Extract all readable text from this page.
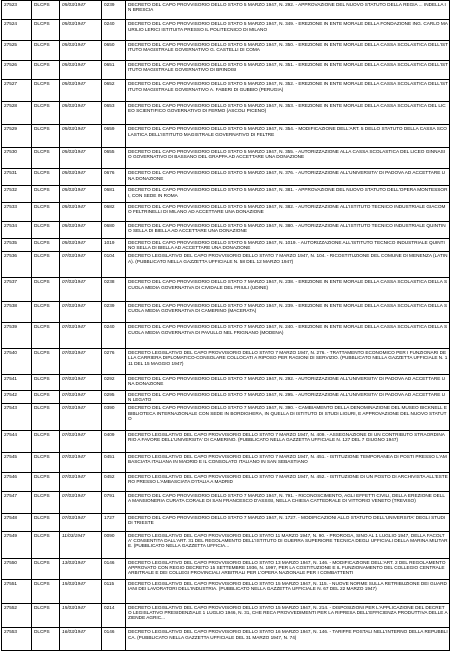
27523	DLCPS	05/03/1947	0239	DECRETO DEL CAPO PROVVISORIO DELLO STATO 5 MARZO 1947, N. 292. - APPROVAZIONE DEL NUOVO STATUTO DELLA REGIA ... INDELLA IN BRESCIA
27524	DLCPS	05/03/1947	0240	DECRETO DEL CAPO PROVVISORIO DELLO STATO 5 MARZO 1947, N. 349. - EREZIONE IN ENTE MORALE DELLA FONDAZIONE ING. CARLO MAURILIO LERICI ISTITUITA PRESSO IL POLITECNICO DI MILANO
27525	DLCPS	05/03/1947	0650	DECRETO DEL CAPO PROVVISORIO DELLO STATO 5 MARZO 1947, N. 350. - EREZIONE IN ENTE MORALE DELLA CASSA SCOLASTICA DELL'ISTITUTO MAGISTRALE GOVERNATIVO G. CASTELLI DI COMA
27526	DLCPS	05/03/1947	0651	DECRETO DEL CAPO PROVVISORIO DELLO STATO 5 MARZO 1947, N. 351. - EREZIONE IN ENTE MORALE DELLA CASSA SCOLASTICA DELL'ISTITUTO MAGISTRALE GOVERNATIVO DI BRINDISI
27527	DLCPS	05/03/1947	0652	DECRETO DEL CAPO PROVVISORIO DELLO STATO 5 MARZO 1947, N. 352. - EREZIONE IN ENTE MORALE DELLA CASSA SCOLASTICA DELL'ISTITUTO MAGISTRALE GOVERNATIVO A. FABERI DI GUBBIO (PERUGIA)
27528	DLCPS	05/03/1947	0653	DECRETO DEL CAPO PROVVISORIO DELLO STATO 5 MARZO 1947, N. 353. - EREZIONE IN ENTE MORALE DELLA CASSA SCOLASTICA DEL LICEO SCIENTIFICO GOVERNATIVO DI FERMO (ASCOLI PICENO)
27529	DLCPS	05/03/1947	0659	DECRETO DEL CAPO PROVVISORIO DELLO STATO 5 MARZO 1947, N. 354. - MODIFICAZIONE DELL'ART. 5 DELLO STATUTO DELLA CASSA SCOLASTICA DELL'ISTITUTO MAGISTRALE GOVERNATIVO DI FELTRE
27530	DLCPS	05/03/1947	0655	DECRETO DEL CAPO PROVVISORIO DELLO STATO 5 MARZO 1947, N. 355. - AUTORIZZAZIONE ALLA CASSA SCOLASTICA DEL LICEO GINNASIO GOVERNATIVO DI BASSANO DEL GRAPPA AD ACCETTARE UNA DONAZIONE
27531	DLCPS	05/03/1947	0676	DECRETO DEL CAPO PROVVISORIO DELLO STATO 5 MARZO 1947, N. 376. - AUTORIZZAZIONE ALL'UNIVERSITA' DI PADOVA AD ACCETTARE UNA DONAZIONE
27532	DLCPS	05/03/1947	0681	DECRETO DEL CAPO PROVVISORIO DELLO STATO 5 MARZO 1947, N. 381. - APPROVAZIONE DEL NUOVO STATUTO DELL'OPERA MONTESSORI, CON SEDE IN ROMA
27533	DLCPS	05/03/1947	0682	DECRETO DEL CAPO PROVVISORIO DELLO STATO 5 MARZO 1947, N. 382. - AUTORIZZAZIONE ALL'ISTITUTO TECNICO INDUSTRIALE GIACOMO FELTRINELLI DI MILANO AD ACCETTARE UNA DONAZIONE
27534	DLCPS	05/03/1947	0680	DECRETO DEL CAPO PROVVISORIO DELLO STATO 5 MARZO 1947, N. 380. - AUTORIZZAZIONE ALL'ISTITUTO TECNICO INDUSTRIALE QUINTINO SELLA DI BIELLA AD ACCETTARE UNA DONAZIONE
27535	DLCPS	05/03/1947	1019	DECRETO DEL CAPO PROVVISORIO DELLO STATO 5 MARZO 1947, N. 1019. - AUTORIZZAZIONE ALL'ISTITUTO TECNICO INDUSTRIALE QUINTINO SELLA DI BIELLA AD ACCETTARE UNA DONAZIONE
27536	DLCPS	07/03/1947	0104	DECRETO LEGISLATIVO DEL CAPO PROVVISORIO DELLO STATO 7 MARZO 1947, N. 104. - RICOSTITUZIONE DEL COMUNE DI MENENZA (LATINA). (PUBBLICATO NELLA GAZZETTA UFFICIALE N. 58 DEL 12 MARZO 1947)
27537	DLCPS	07/03/1947	0238	DECRETO DEL CAPO PROVVISORIO DELLO STATO 7 MARZO 1947, N. 238. - EREZIONE IN ENTE MORALE DELLA CASSA SCOLASTICA DELLA SCUOLA MEDIA GOVERNATIVA DI CIVIDALE DEL FRIULI (UDINE)
27538	DLCPS	07/03/1947	0239	DECRETO DEL CAPO PROVVISORIO DELLO STATO 7 MARZO 1947, N. 239. - EREZIONE IN ENTE MORALE DELLA CASSA SCOLASTICA DELLA SCUOLA MEDIA GOVERNATIVA DI CAMERINO (MACERATA)
27539	DLCPS	07/03/1947	0240	DECRETO DEL CAPO PROVVISORIO DELLO STATO 7 MARZO 1947, N. 240. - EREZIONE IN ENTE MORALE DELLA CASSA SCOLASTICA DELLA SCUOLA MEDIA GOVERNATIVA DI PAVULLO NEL FRIGNANO (MODENA)
27540	DLCPS	07/03/1947	0276	DECRETO LEGISLATIVO DEL CAPO PROVVISORIO DELLO STATO 7 MARZO 1947, N. 276. - TRATTAMENTO ECONOMICO PER I FUNZIONARI DELLA CARRIERA DIPLOMATICO-CONSOLARE COLLOCATI A RIPOSO PER RAGIONI DI SERVIZIO. (PUBBLICATO NELLA GAZZETTA UFFICIALE N. 111 DEL 15 MAGGIO 1947)
27541	DLCPS	07/03/1947	0292	DECRETO DEL CAPO PROVVISORIO DELLO STATO 7 MARZO 1947, N. 292. - AUTORIZZAZIONE ALL'UNIVERSITA' DI PADOVA AD ACCETTARE UNA DONAZIONE
27542	DLCPS	07/03/1947	0295	DECRETO DEL CAPO PROVVISORIO DELLO STATO 7 MARZO 1947, N. 295. - AUTORIZZAZIONE ALL'UNIVERSITA' DI PADOVA AD ACCETTARE UN LEGATO
27543	DLCPS	07/03/1947	0390	DECRETO DEL CAPO PROVVISORIO DELLO STATO 7 MARZO 1947, N. 390. - CAMBIAMENTO DELLA DENOMINAZIONE DEL MUSEO BICKNELL E BIBLIOTECA INTERNAZIONALE CON SEDE IN BORDIGHERA, IN QUELLA DI ISTITUTO DI STUDI LIGURI, E APPROVAZIONE DEL NUOVO STATUTO
27544	DLCPS	07/03/1947	0409	DECRETO LEGISLATIVO DEL CAPO PROVVISORIO DELLO STATO 7 MARZO 1947, N. 409. - ASSEGNAZIONE DI UN CONTRIBUTO STRAORDINARIO A FAVORE DELL'UNIVERSITA' DI CAMERINO. (PUBBLICATO NELLA GAZZETTA UFFICIALE N. 127 DEL 7 GIUGNO 1947)
27545	DLCPS	07/03/1947	0451	DECRETO LEGISLATIVO DEL CAPO PROVVISORIO DELLO STATO 7 MARZO 1947, N. 451. - ISTITUZIONE TEMPORANEA DI POSTI PRESSO L'AMBASCIATA ITALIANA IN MADRID E IL CONSOLATO ITALIANO IN SAN SEBASTIANO
27546	DLCPS	07/03/1947	0452	DECRETO LEGISLATIVO DEL CAPO PROVVISORIO DELLO STATO 7 MARZO 1947, N. 452. - ISTITUZIONE DI UN POSTO DI ARCHIVISTA ALL'ESTERO PRESSO L'AMBASCIATA D'ITALIA A MADRID
27547	DLCPS	07/03/1947	0791	DECRETO DEL CAPO PROVVISORIO DELLO STATO 7 MARZO 1947, N. 791. - RICONOSCIMENTO, AGLI EFFETTI CIVILI, DELLA EREZIONE DELLA MANSIONERIA CURATA CORALE DI SAN FRANCESCO D'ASSISI, NELLA CHIESA CATTEDRALE DI VITTORIO VENETO (TREVISO)
27548	DLCPS	07/03/1947	1727	DECRETO DEL CAPO PROVVISORIO DELLO STATO 7 MARZO 1947, N. 1727. - MODIFICAZIONI ALLO STATUTO DELL'UNIVERSITA' DEGLI STUDI DI TRIESTE
27549	DLCPS	11/03/1947	0090	DECRETO LEGISLATIVO DEL CAPO PROVVISORIO DELLO STATO 11 MARZO 1947, N. 90. - PROROGA, SINO AL 1 LUGLIO 1947, DELLA FACOLTA' CONSENTITA DALL'ART. 31 DEL REGOLAMENTO DELL'ISTITUTO DI GUERRA SUPERIORE TECNICA DEGLI UFFICIALI DELLA MARINA MILITARE. (PUBBLICATO NELLA GAZZETTA UFFICIA...
27550	DLCPS	13/03/1947	0146	DECRETO LEGISLATIVO DEL CAPO PROVVISORIO DELLO STATO 13 MARZO 1947, N. 146. - MODIFICAZIONE DELL'ART. 2 DEL REGOLAMENTO APPROVATO CON REGIO DECRETO 15 SETTEMBRE 1936, N. 1997, PER LA COSTITUZIONE E IL FUNZIONAMENTO DEL COLLEGIO CENTRALE ARBITRALE E DEI COLLEGI PROVINCIALI ARBITRALI PER L'OPERA NAZIONALE PER I COMBATTENTI
27551	DLCPS	15/03/1947	0115	DECRETO LEGISLATIVO DEL CAPO PROVVISORIO DELLO STATO 15 MARZO 1947, N. 115. - NUOVE NORME SULLA RETRIBUZIONE DEI GUARDIANI DEI LAVORATORI DELL'INDUSTRIA. (PUBBLICATO NELLA GAZZETTA UFFICIALE N. 67 DEL 22 MARZO 1947)
27552	DLCPS	15/03/1947	0214	DECRETO LEGISLATIVO DEL CAPO PROVVISORIO DELLO STATO 15 MARZO 1947, N. 214. - DISPOSIZIONI PER L'APPLICAZIONE DEL DECRETO LEGISLATIVO PRESIDENZIALE 1 LUGLIO 1946, N. 31, CHE RECA PROVVEDIMENTI PER LA RIPRESA DELL'EFFICIENZA PRODUTTIVA DELLE AZIENDE AGRIC...
27553	DLCPS	16/03/1947	0146	DECRETO LEGISLATIVO DEL CAPO PROVVISORIO DELLO STATO 16 MARZO 1947, N. 146. - TARIFFE POSTALI NELL'INTERNO DELLA REPUBBLICA. (PUBBLICATO NELLA GAZZETTA UFFICIALE DEL 31 MARZO 1947, N. 74)
